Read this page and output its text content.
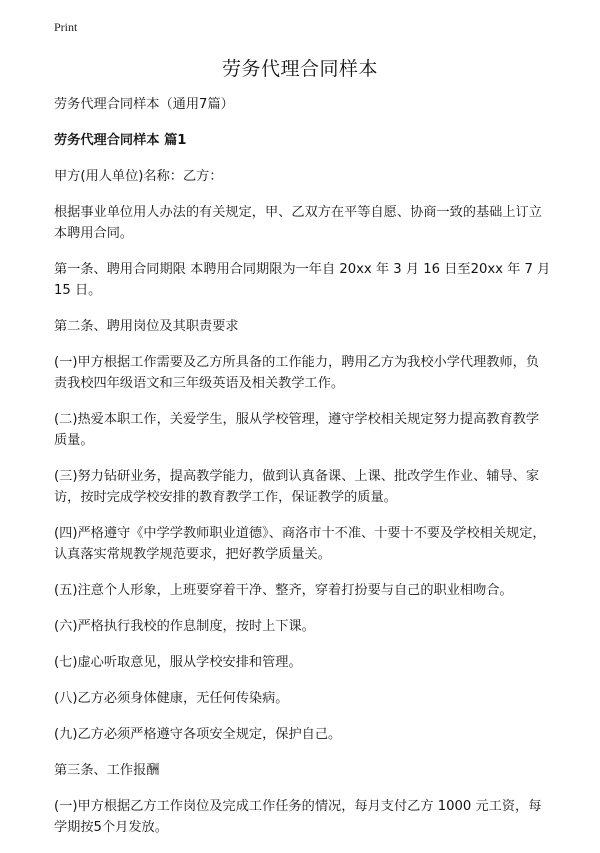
Print
劳务代理合同样本

劳务代理合同样本（通用7篇）

劳务代理合同样本 篇1

甲方(用人单位)名称：乙方：

根据事业单位用人办法的有关规定，甲、乙双方在平等自愿、协商一致的基础上订立本聘用合同。

第一条、聘用合同期限 本聘用合同期限为一年自 20xx 年 3 月 16 日至20xx 年 7 月 15 日。

第二条、聘用岗位及其职责要求

(一)甲方根据工作需要及乙方所具备的工作能力，聘用乙方为我校小学代理教师，负责我校四年级语文和三年级英语及相关教学工作。

(二)热爱本职工作，关爱学生，服从学校管理，遵守学校相关规定努力提高教育教学质量。

(三)努力钻研业务，提高教学能力，做到认真备课、上课、批改学生作业、辅导、家访，按时完成学校安排的教育教学工作，保证教学的质量。

(四)严格遵守《中学学教师职业道德》、商洛市十不准、十要十不要及学校相关规定，认真落实常规教学规范要求，把好教学质量关。

(五)注意个人形象，上班要穿着干净、整齐，穿着打扮要与自己的职业相吻合。

(六)严格执行我校的作息制度，按时上下课。

(七)虚心听取意见，服从学校安排和管理。

(八)乙方必须身体健康，无任何传染病。

(九)乙方必须严格遵守各项安全规定，保护自己。

第三条、工作报酬

(一)甲方根据乙方工作岗位及完成工作任务的情况，每月支付乙方 1000 元工资，每学期按5个月发放。
